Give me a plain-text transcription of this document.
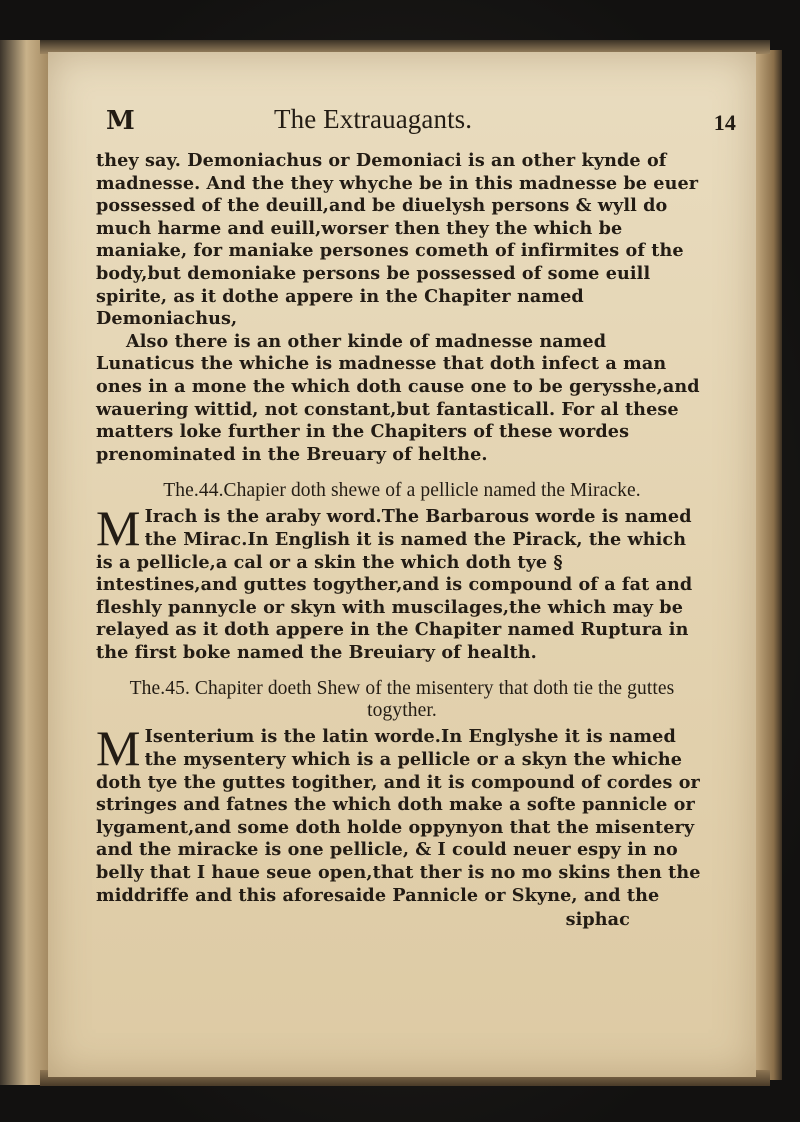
M	The Extrauagants.	14

they say. Demoniachus or Demoniaci is an other kynde of madnesse. And the they whyche be in this madnesse be euer possessed of the deuill,and be diuelysh persons & wyll do much harme and euill,worser then they the which be maniake, for maniake persones cometh of infirmites of the body,but demoniake persons be possessed of some euill spirite, as it dothe appere in the Chapiter named Demoniachus,

Also there is an other kinde of madnesse named Lunaticus the whiche is madnesse that doth infect a man ones in a mone the which doth cause one to be gerysshe,and wauering wittid, not constant,but fantasticall. For al these matters loke further in the Chapiters of these wordes prenominated in the Breuary of helthe.

The.44.Chapier doth shewe of a pellicle named the Miracke.

M Irach is the araby word.The Barbarous worde is named the Mirac.In English it is named the Pirack, the which is a pellicle,a cal or a skin the which doth tye § intestines,and guttes togyther,and is compound of a fat and fleshly pannycle or skyn with muscilages,the which may be relayed as it doth appere in the Chapiter named Ruptura in the first boke named the Breuiary of health.

The.45. Chapiter doeth Shew of the misentery that doth tie the guttes togyther.

M Isenterium is the latin worde.In Englyshe it is named the mysentery which is a pellicle or a skyn the whiche doth tye the guttes togither, and it is compound of cordes or stringes and fatnes the which doth make a softe pannicle or lygament,and some doth holde oppynyon that the misentery and the miracke is one pellicle, & I could neuer espy in no belly that I haue seue open,that ther is no mo skins then the middriffe and this aforesaide Pannicle or Skyne, and the

siphac
